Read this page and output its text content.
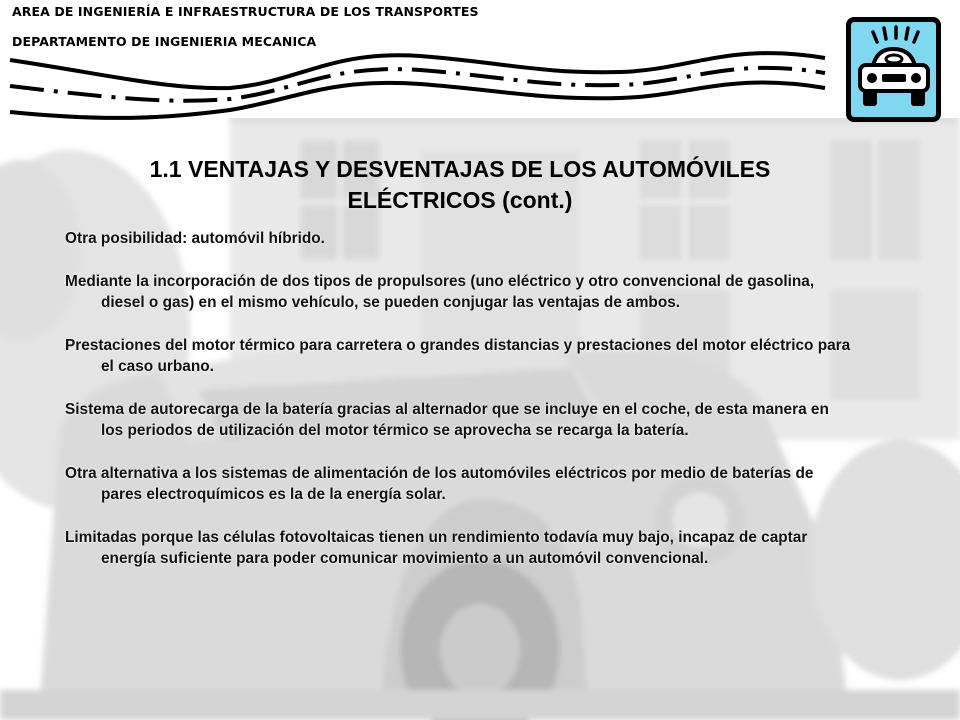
AREA DE INGENIERÍA E INFRAESTRUCTURA DE LOS TRANSPORTES

DEPARTAMENTO DE INGENIERIA MECANICA

1.1 VENTAJAS Y DESVENTAJAS DE LOS AUTOMÓVILES
ELÉCTRICOS (cont.)

Otra posibilidad: automóvil híbrido.

Mediante la incorporación de dos tipos de propulsores (uno eléctrico y otro convencional de gasolina, diesel o gas) en el mismo vehículo, se pueden conjugar las ventajas de ambos.

Prestaciones del motor térmico para carretera o grandes distancias y prestaciones del motor eléctrico para el caso urbano.

Sistema de autorecarga de la batería gracias al alternador que se incluye en el coche, de esta manera en los periodos de utilización del motor térmico se aprovecha se recarga la batería.

Otra alternativa a los sistemas de alimentación de los automóviles eléctricos por medio de baterías de pares electroquímicos es la de la energía solar.

Limitadas porque las células fotovoltaicas tienen un rendimiento todavía muy bajo, incapaz de captar energía suficiente para poder comunicar movimiento a un automóvil convencional.
